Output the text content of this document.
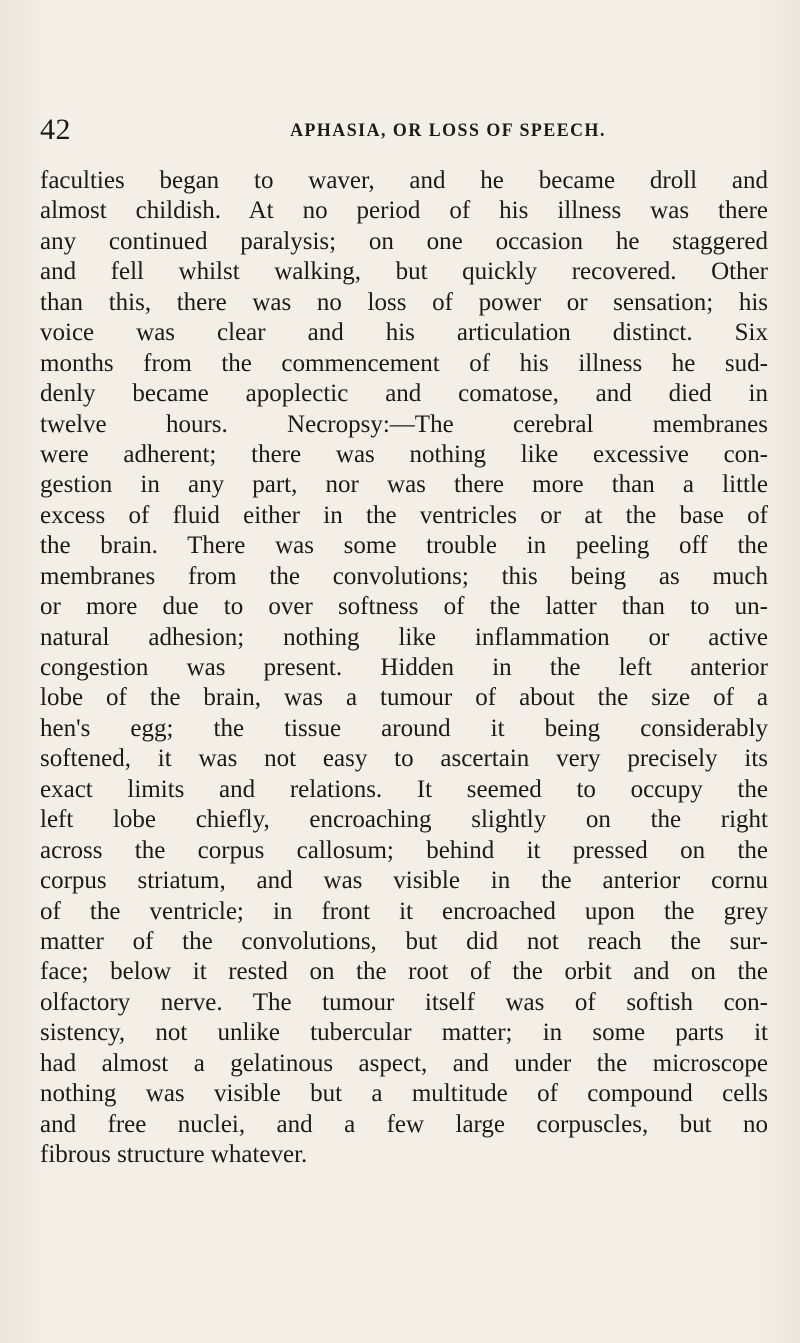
42	APHASIA, OR LOSS OF SPEECH.
faculties began to waver, and he became droll and
almost childish. At no period of his illness was there
any continued paralysis; on one occasion he staggered
and fell whilst walking, but quickly recovered. Other
than this, there was no loss of power or sensation; his
voice was clear and his articulation distinct. Six
months from the commencement of his illness he sud-
denly became apoplectic and comatose, and died in
twelve hours. Necropsy:—The cerebral membranes
were adherent; there was nothing like excessive con-
gestion in any part, nor was there more than a little
excess of fluid either in the ventricles or at the base of
the brain. There was some trouble in peeling off the
membranes from the convolutions; this being as much
or more due to over softness of the latter than to un-
natural adhesion; nothing like inflammation or active
congestion was present. Hidden in the left anterior
lobe of the brain, was a tumour of about the size of a
hen's egg; the tissue around it being considerably
softened, it was not easy to ascertain very precisely its
exact limits and relations. It seemed to occupy the
left lobe chiefly, encroaching slightly on the right
across the corpus callosum; behind it pressed on the
corpus striatum, and was visible in the anterior cornu
of the ventricle; in front it encroached upon the grey
matter of the convolutions, but did not reach the sur-
face; below it rested on the root of the orbit and on the
olfactory nerve. The tumour itself was of softish con-
sistency, not unlike tubercular matter; in some parts it
had almost a gelatinous aspect, and under the microscope
nothing was visible but a multitude of compound cells
and free nuclei, and a few large corpuscles, but no
fibrous structure whatever.
